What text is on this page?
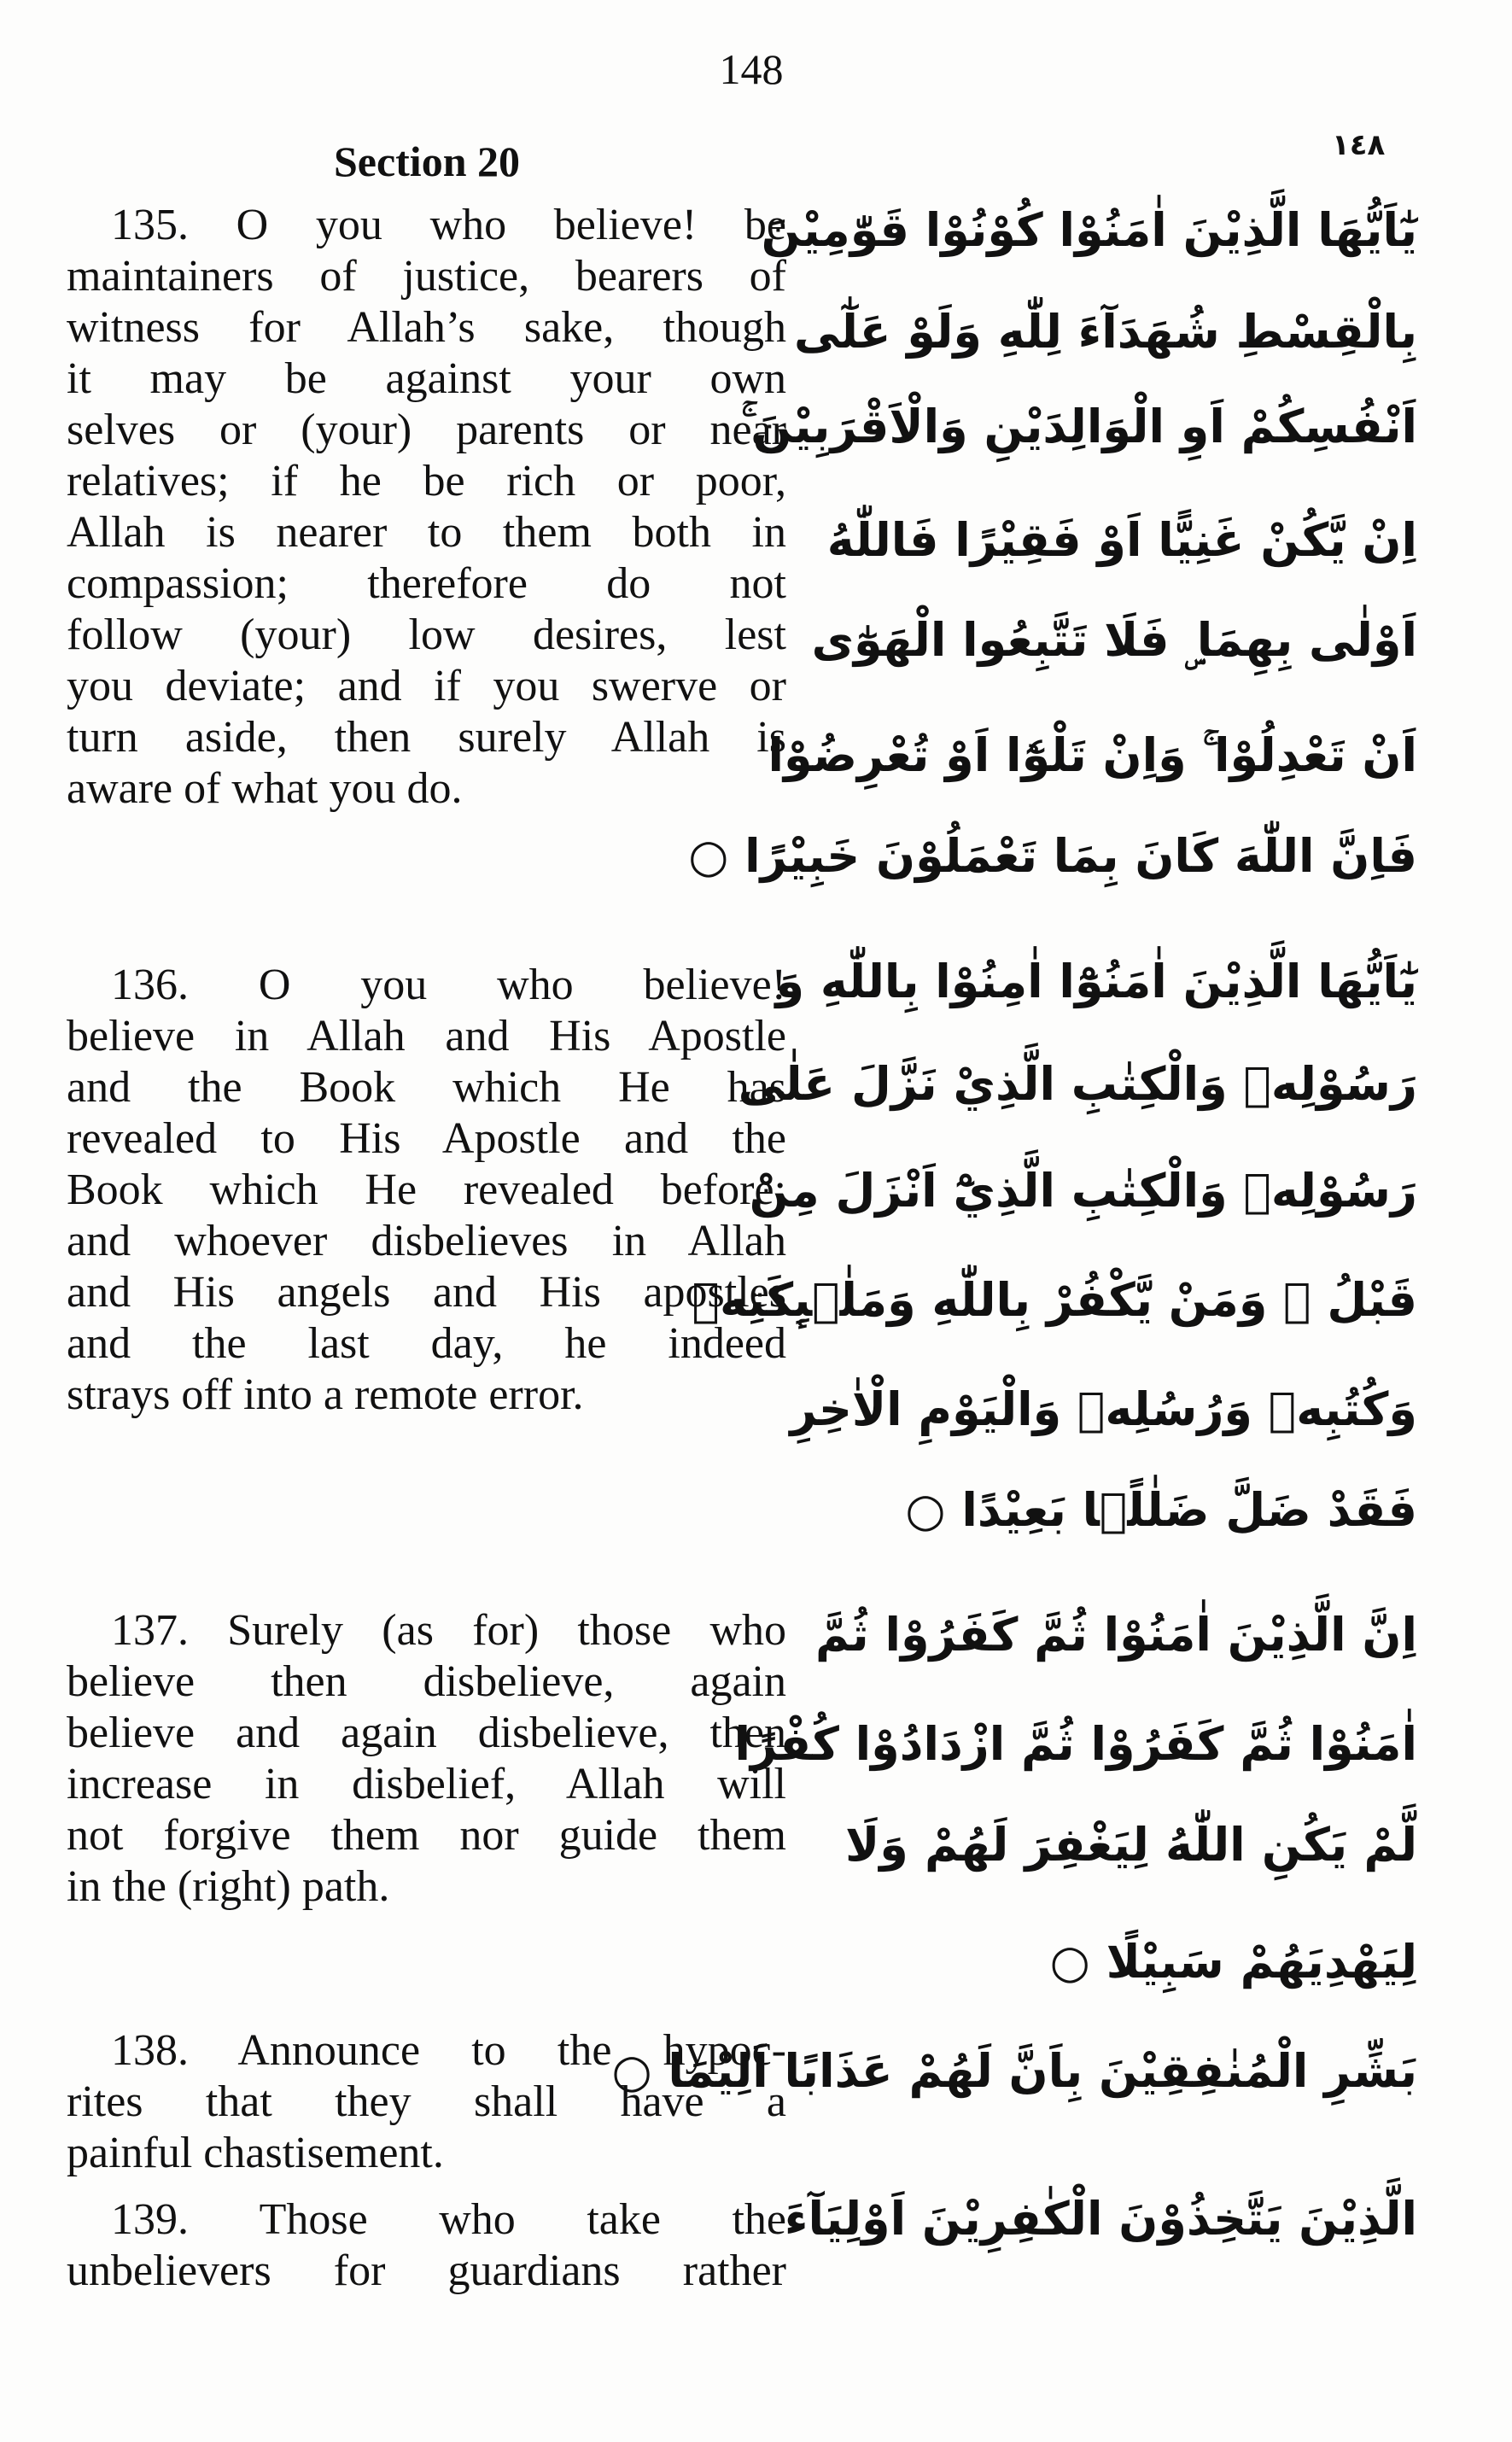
148
Section 20	١٤٨
135. O you who believe! be
maintainers of justice, bearers of
witness for Allah’s sake, though
it may be against your own
selves or (your) parents or near
relatives; if he be rich or poor,
Allah is nearer to them both in
compassion; therefore do not
follow (your) low desires, lest
you deviate; and if you swerve or
turn aside, then surely Allah is
aware of what you do.
136. O you who believe!
believe in Allah and His Apostle
and the Book which He has
revealed to His Apostle and the
Book which He revealed before;
and whoever disbelieves in Allah
and His angels and His apostles
and the last day, he indeed
strays off into a remote error.
137. Surely (as for) those who
believe then disbelieve, again
believe and again disbelieve, then
increase in disbelief, Allah will
not forgive them nor guide them
in the (right) path.
138. Announce to the hypoc-
rites that they shall have a
painful chastisement.
139. Those who take the
unbelievers for guardians rather
يٰٓاَيُّهَا الَّذِيْنَ اٰمَنُوْا كُوْنُوْا قَوّٰمِيْنَ
بِالْقِسْطِ شُهَدَآءَ لِلّٰهِ وَلَوْ عَلٰٓى
اَنْفُسِكُمْ اَوِ الْوَالِدَيْنِ وَالْاَقْرَبِيْنَ ۚ
اِنْ يَّكُنْ غَنِيًّا اَوْ فَقِيْرًا فَاللّٰهُ
اَوْلٰى بِهِمَا ۣ فَلَا تَتَّبِعُوا الْهَوٰٓى
اَنْ تَعْدِلُوْا ۚ وَاِنْ تَلْوٗٓا اَوْ تُعْرِضُوْا
فَاِنَّ اللّٰهَ كَانَ بِمَا تَعْمَلُوْنَ خَبِيْرًا ○
يٰٓاَيُّهَا الَّذِيْنَ اٰمَنُوْٓا اٰمِنُوْا بِاللّٰهِ وَ
رَسُوْلِهٖ وَالْكِتٰبِ الَّذِيْ نَزَّلَ عَلٰى
رَسُوْلِهٖ وَالْكِتٰبِ الَّذِيْٓ اَنْزَلَ مِنْ
قَبْلُ ۭ وَمَنْ يَّكْفُرْ بِاللّٰهِ وَمَلٰۗىِٕكَتِهٖ
وَكُتُبِهٖ وَرُسُلِهٖ وَالْيَوْمِ الْاٰخِرِ
فَقَدْ ضَلَّ ضَلٰلًۢا بَعِيْدًا ○
اِنَّ الَّذِيْنَ اٰمَنُوْا ثُمَّ كَفَرُوْا ثُمَّ
اٰمَنُوْا ثُمَّ كَفَرُوْا ثُمَّ ازْدَادُوْا كُفْرًا
لَّمْ يَكُنِ اللّٰهُ لِيَغْفِرَ لَهُمْ وَلَا
لِيَهْدِيَهُمْ سَبِيْلًا ○
بَشِّرِ الْمُنٰفِقِيْنَ بِاَنَّ لَهُمْ عَذَابًا اَلِيْمَا ○
الَّذِيْنَ يَتَّخِذُوْنَ الْكٰفِرِيْنَ اَوْلِيَآءَ
